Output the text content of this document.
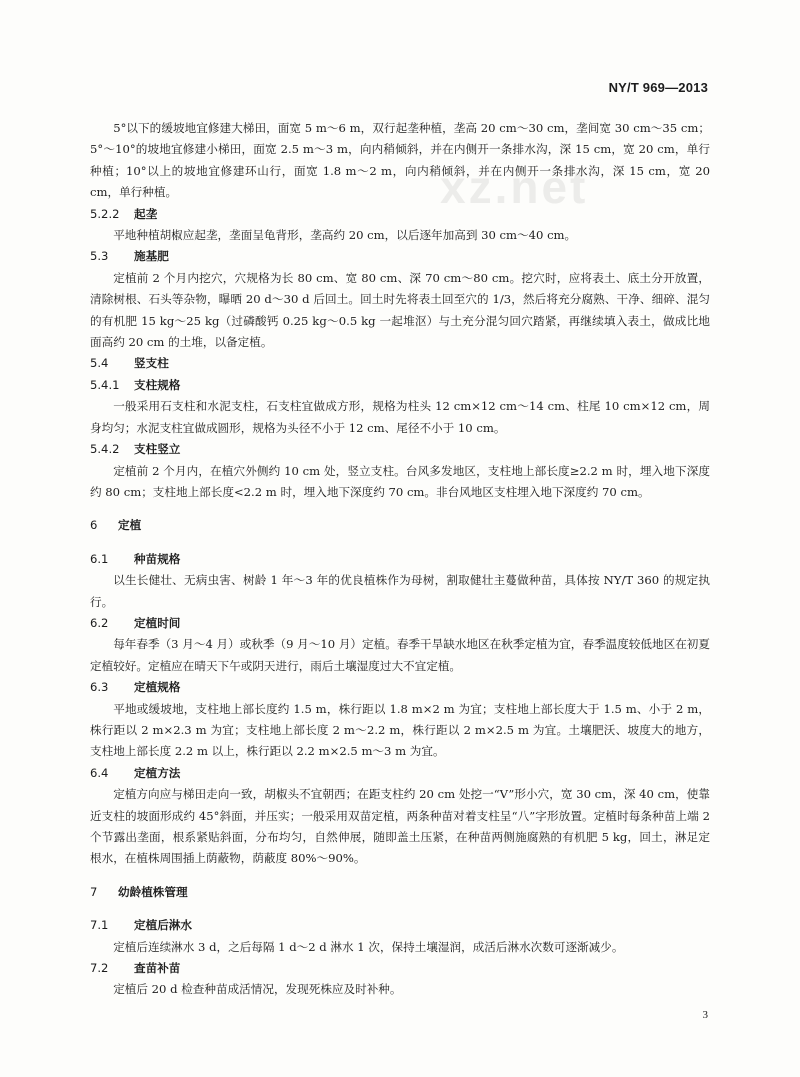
NY/T 969—2013
xz.net

5°以下的缓坡地宜修建大梯田，面宽 5 m～6 m，双行起垄种植，垄高 20 cm～30 cm，垄间宽 30 cm～35 cm；5°～10°的坡地宜修建小梯田，面宽 2.5 m～3 m，向内稍倾斜，并在内侧开一条排水沟，深 15 cm，宽 20 cm，单行种植；10°以上的坡地宜修建环山行，面宽 1.8 m～2 m，向内稍倾斜，并在内侧开一条排水沟，深 15 cm，宽 20 cm，单行种植。

5.2.2 起垄

平地种植胡椒应起垄，垄面呈龟背形，垄高约 20 cm，以后逐年加高到 30 cm～40 cm。

5.3	施基肥

定植前 2 个月内挖穴，穴规格为长 80 cm、宽 80 cm、深 70 cm～80 cm。挖穴时，应将表土、底土分开放置，清除树根、石头等杂物，曝晒 20 d～30 d 后回土。回土时先将表土回至穴的 1/3，然后将充分腐熟、干净、细碎、混匀的有机肥 15 kg～25 kg（过磷酸钙 0.25 kg～0.5 kg 一起堆沤）与土充分混匀回穴踏紧，再继续填入表土，做成比地面高约 20 cm 的土堆，以备定植。

5.4	竖支柱
5.4.1 支柱规格

一般采用石支柱和水泥支柱，石支柱宜做成方形，规格为柱头 12 cm×12 cm～14 cm、柱尾 10 cm×12 cm，周身均匀；水泥支柱宜做成圆形，规格为头径不小于 12 cm、尾径不小于 10 cm。

5.4.2 支柱竖立

定植前 2 个月内，在植穴外侧约 10 cm 处，竖立支柱。台风多发地区，支柱地上部长度≥2.2 m 时，埋入地下深度约 80 cm；支柱地上部长度<2.2 m 时，埋入地下深度约 70 cm。非台风地区支柱埋入地下深度约 70 cm。

6	定植
6.1	种苗规格

以生长健壮、无病虫害、树龄 1 年～3 年的优良植株作为母树，割取健壮主蔓做种苗，具体按 NY/T 360 的规定执行。

6.2	定植时间

每年春季（3 月～4 月）或秋季（9 月～10 月）定植。春季干旱缺水地区在秋季定植为宜，春季温度较低地区在初夏定植较好。定植应在晴天下午或阴天进行，雨后土壤湿度过大不宜定植。

6.3	定植规格

平地或缓坡地，支柱地上部长度约 1.5 m，株行距以 1.8 m×2 m 为宜；支柱地上部长度大于 1.5 m、小于 2 m，株行距以 2 m×2.3 m 为宜；支柱地上部长度 2 m～2.2 m，株行距以 2 m×2.5 m 为宜。土壤肥沃、坡度大的地方，支柱地上部长度 2.2 m 以上，株行距以 2.2 m×2.5 m～3 m 为宜。

6.4	定植方法

定植方向应与梯田走向一致，胡椒头不宜朝西；在距支柱约 20 cm 处挖一“V”形小穴，宽 30 cm，深 40 cm，使靠近支柱的坡面形成约 45°斜面，并压实；一般采用双苗定植，两条种苗对着支柱呈“八”字形放置。定植时每条种苗上端 2 个节露出垄面，根系紧贴斜面，分布均匀，自然伸展，随即盖土压紧，在种苗两侧施腐熟的有机肥 5 kg，回土，淋足定根水，在植株周围插上荫蔽物，荫蔽度 80%～90%。

7	幼龄植株管理
7.1	定植后淋水

定植后连续淋水 3 d，之后每隔 1 d～2 d 淋水 1 次，保持土壤湿润，成活后淋水次数可逐渐减少。

7.2	查苗补苗

定植后 20 d 检查种苗成活情况，发现死株应及时补种。

3
